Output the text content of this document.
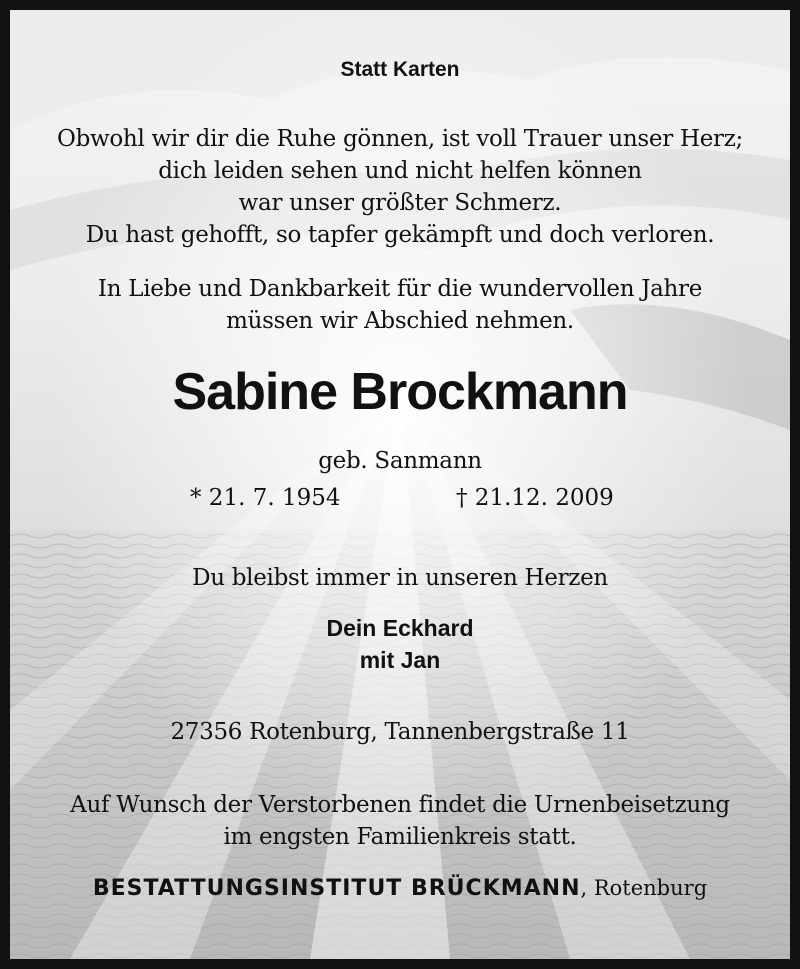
Statt Karten

Obwohl wir dir die Ruhe gönnen, ist voll Trauer unser Herz;

dich leiden sehen und nicht helfen können

war unser größter Schmerz.

Du hast gehofft, so tapfer gekämpft und doch verloren.

In Liebe und Dankbarkeit für die wundervollen Jahre

müssen wir Abschied nehmen.

Sabine Brockmann

geb. Sanmann

* 21. 7. 1954	† 21.12. 2009

Du bleibst immer in unseren Herzen

Dein Eckhard

mit Jan

27356 Rotenburg, Tannenbergstraße 11

Auf Wunsch der Verstorbenen findet die Urnenbeisetzung

im engsten Familienkreis statt.

BESTATTUNGSINSTITUT BRÜCKMANN, Rotenburg
